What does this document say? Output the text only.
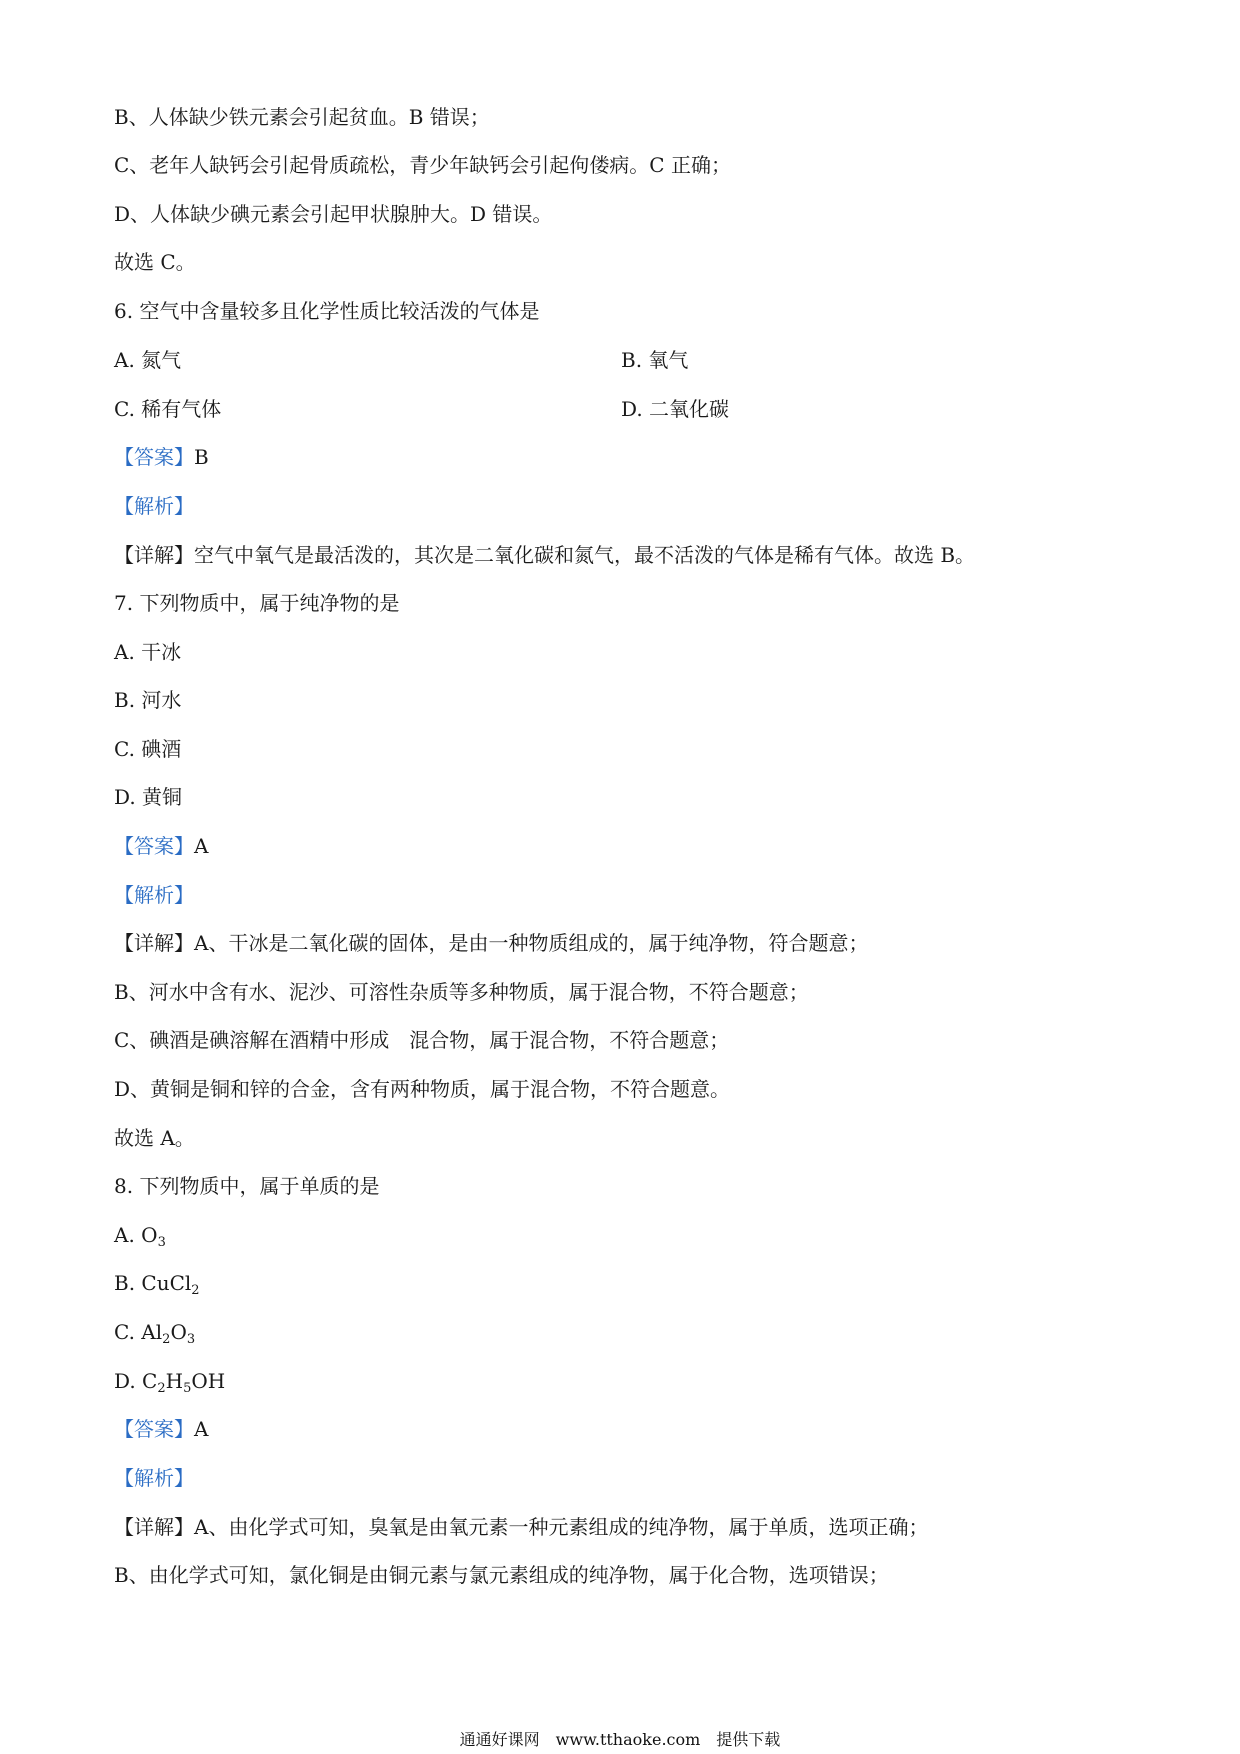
B、人体缺少铁元素会引起贫血。B 错误；
C、老年人缺钙会引起骨质疏松，青少年缺钙会引起佝偻病。C 正确；
D、人体缺少碘元素会引起甲状腺肿大。D 错误。
故选 C。
6. 空气中含量较多且化学性质比较活泼的气体是
A. 氮气	B. 氧气
C. 稀有气体	D. 二氧化碳
【答案】B
【解析】
【详解】空气中氧气是最活泼的，其次是二氧化碳和氮气，最不活泼的气体是稀有气体。故选 B。
7. 下列物质中，属于纯净物的是
A. 干冰
B. 河水
C. 碘酒
D. 黄铜
【答案】A
【解析】
【详解】A、干冰是二氧化碳的固体，是由一种物质组成的，属于纯净物，符合题意；
B、河水中含有水、泥沙、可溶性杂质等多种物质，属于混合物，不符合题意；
C、碘酒是碘溶解在酒精中形成　混合物，属于混合物，不符合题意；
D、黄铜是铜和锌的合金，含有两种物质，属于混合物，不符合题意。
故选 A。
8. 下列物质中，属于单质的是
A. $O_3$
B. CuCl$_2$
C. $Al_2O_3$
D. $C_2H_5OH$
【答案】A
【解析】
【详解】A、由化学式可知，臭氧是由氧元素一种元素组成的纯净物，属于单质，选项正确；
B、由化学式可知，氯化铜是由铜元素与氯元素组成的纯净物，属于化合物，选项错误；
通通好课网　www.tthaoke.com　提供下载
